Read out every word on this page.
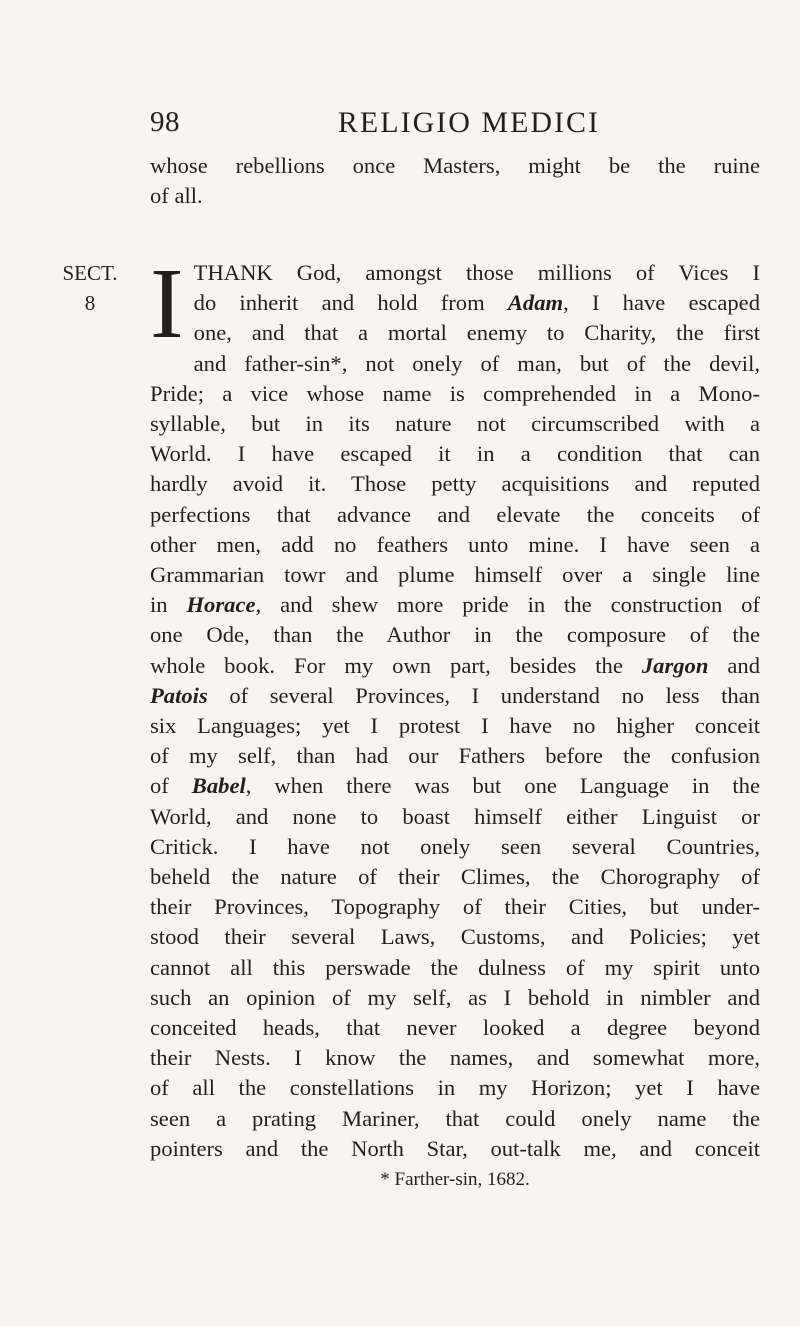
98	RELIGIO MEDICI
whose rebellions once Masters, might be the ruine
of all.
SECT.
8 I THANK God, amongst those millions of Vices I
do inherit and hold from Adam, I have escaped
one, and that a mortal enemy to Charity, the first
and father-sin*, not onely of man, but of the devil,
Pride; a vice whose name is comprehended in a Mono-
syllable, but in its nature not circumscribed with a
World. I have escaped it in a condition that can
hardly avoid it. Those petty acquisitions and reputed
perfections that advance and elevate the conceits of
other men, add no feathers unto mine. I have seen a
Grammarian towr and plume himself over a single line
in Horace, and shew more pride in the construction of
one Ode, than the Author in the composure of the
whole book. For my own part, besides the Jargon and
Patois of several Provinces, I understand no less than
six Languages; yet I protest I have no higher conceit
of my self, than had our Fathers before the confusion
of Babel, when there was but one Language in the
World, and none to boast himself either Linguist or
Critick. I have not onely seen several Countries,
beheld the nature of their Climes, the Chorography of
their Provinces, Topography of their Cities, but under-
stood their several Laws, Customs, and Policies; yet
cannot all this perswade the dulness of my spirit unto
such an opinion of my self, as I behold in nimbler and
conceited heads, that never looked a degree beyond
their Nests. I know the names, and somewhat more,
of all the constellations in my Horizon; yet I have
seen a prating Mariner, that could onely name the
pointers and the North Star, out-talk me, and conceit
* Farther-sin, 1682.
